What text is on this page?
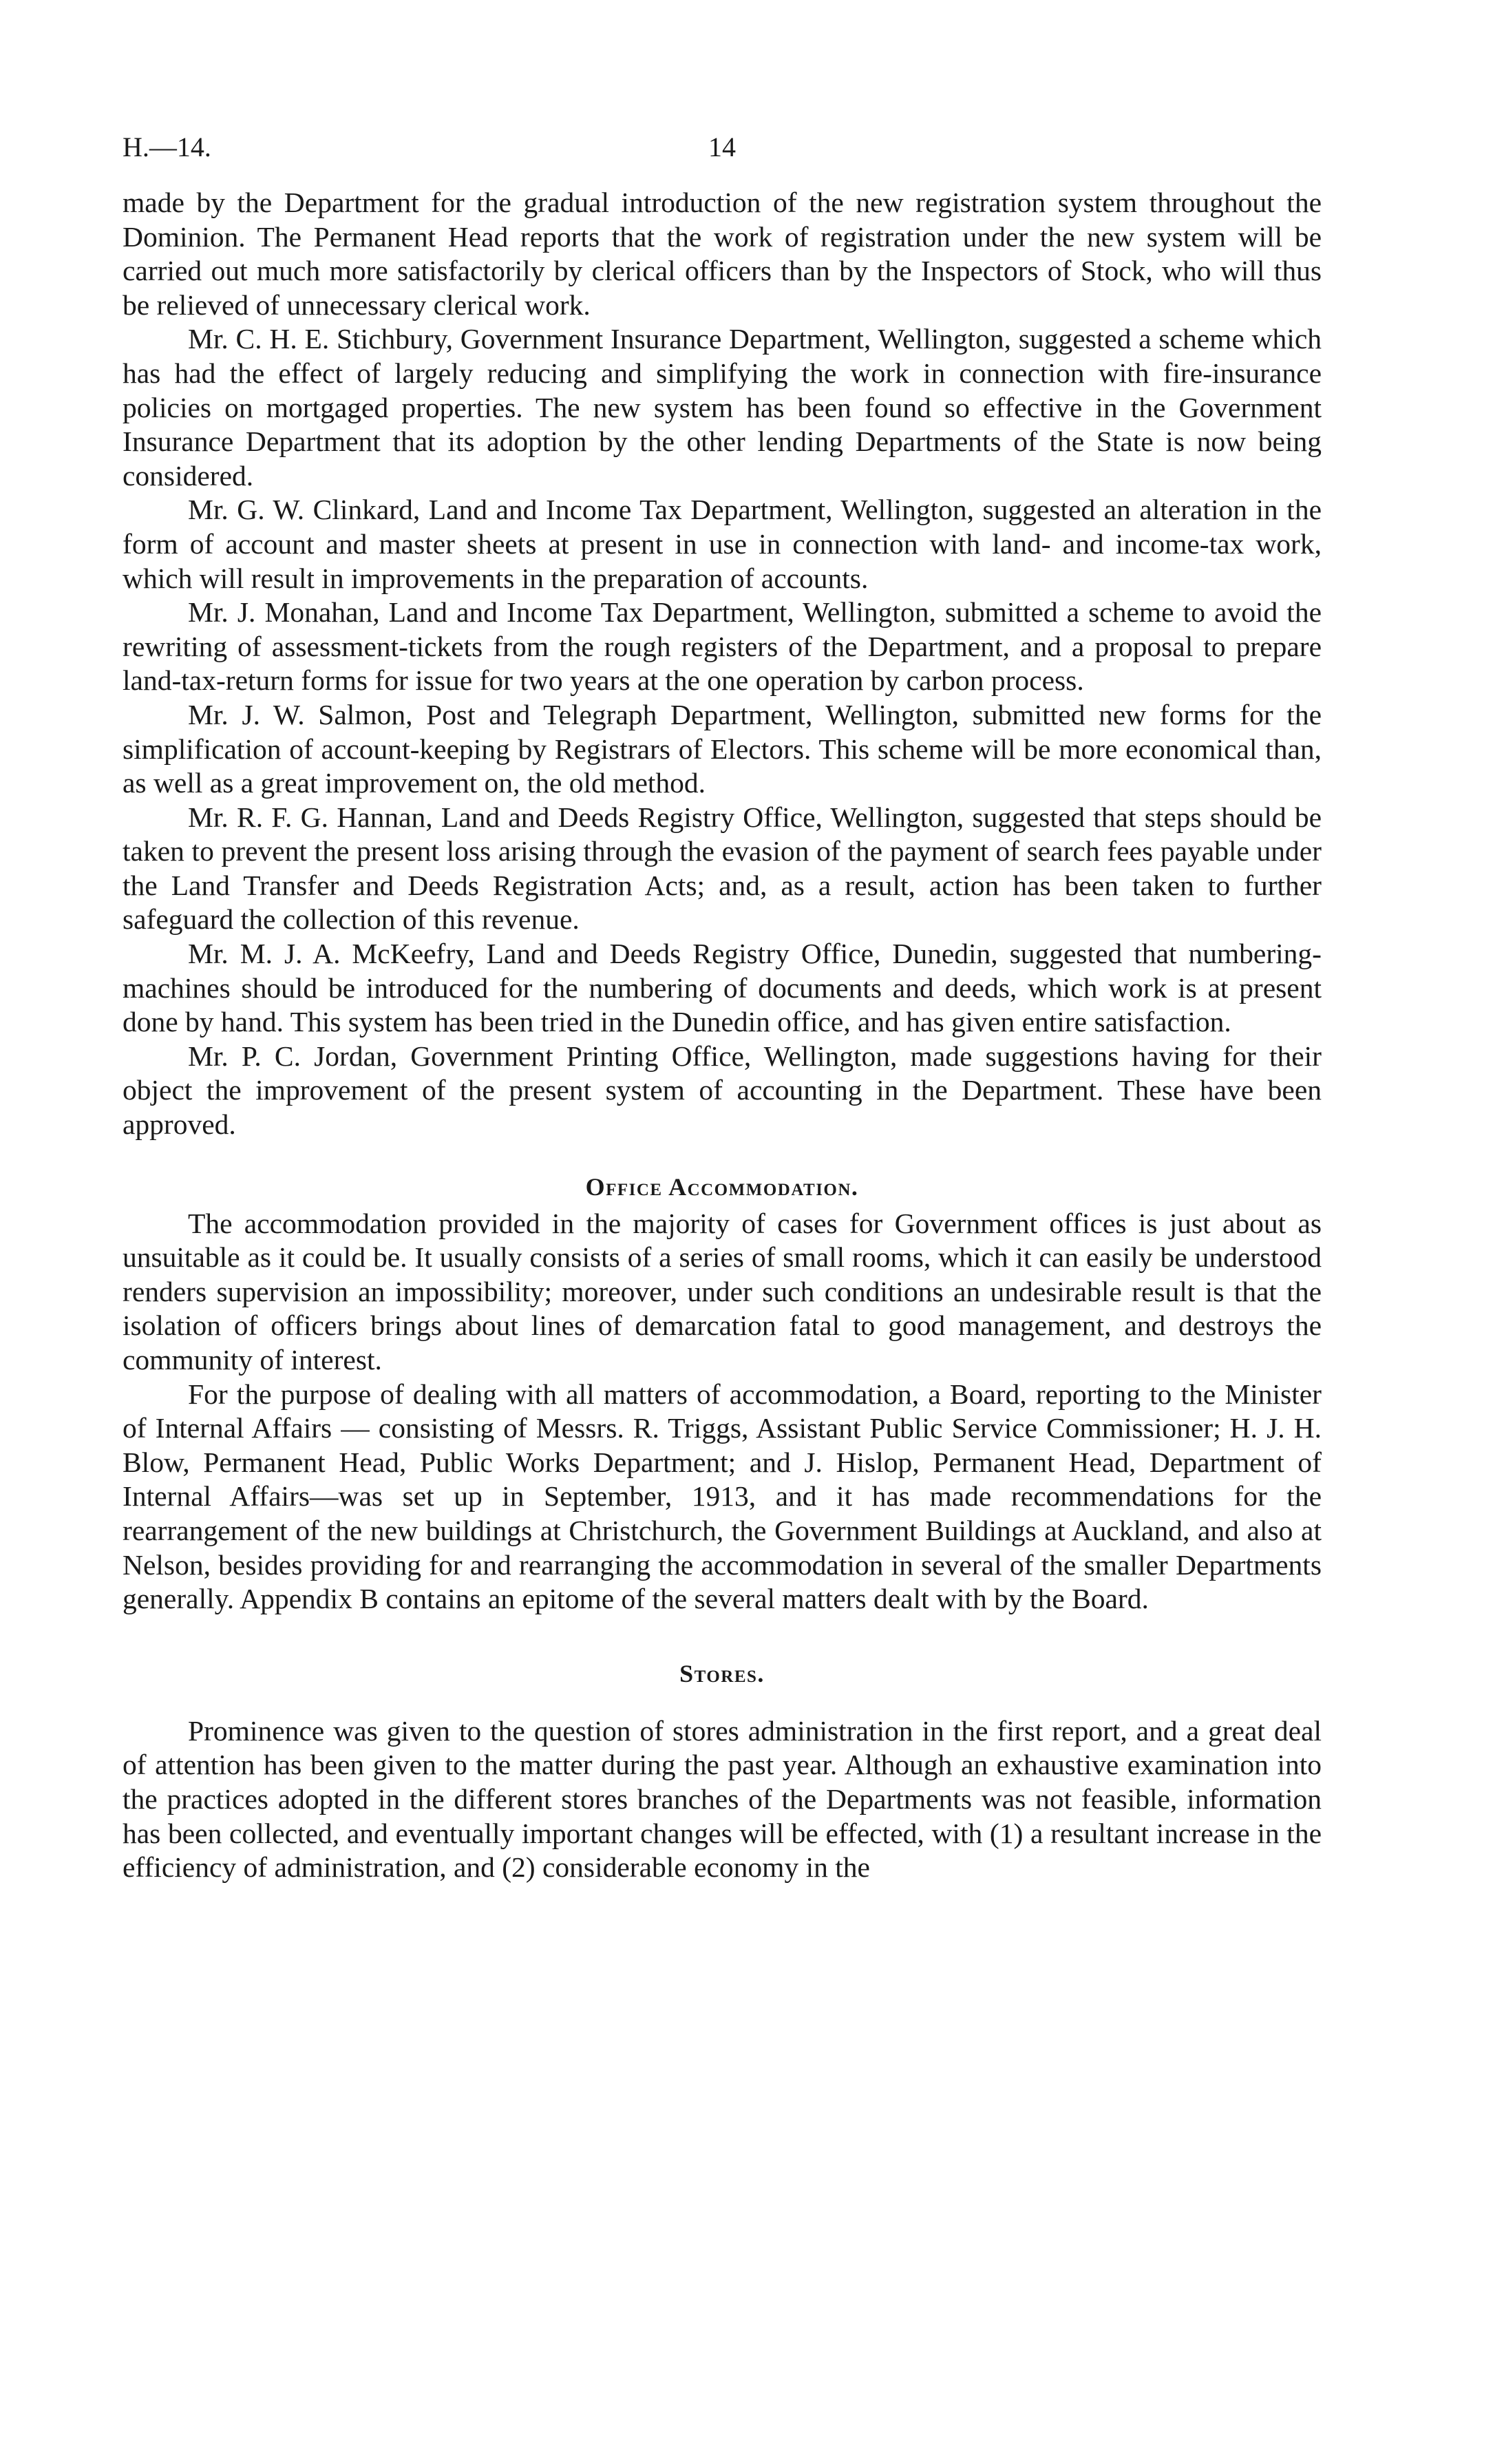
H.—14.	14

made by the Department for the gradual introduction of the new registration system throughout the Dominion. The Permanent Head reports that the work of registration under the new system will be carried out much more satisfactorily by clerical officers than by the Inspectors of Stock, who will thus be relieved of unnecessary clerical work.

Mr. C. H. E. Stichbury, Government Insurance Department, Wellington, suggested a scheme which has had the effect of largely reducing and simplifying the work in connection with fire-insurance policies on mortgaged properties. The new system has been found so effective in the Government Insurance Department that its adoption by the other lending Departments of the State is now being considered.

Mr. G. W. Clinkard, Land and Income Tax Department, Wellington, suggested an alteration in the form of account and master sheets at present in use in connection with land- and income-tax work, which will result in improvements in the preparation of accounts.

Mr. J. Monahan, Land and Income Tax Department, Wellington, submitted a scheme to avoid the rewriting of assessment-tickets from the rough registers of the Department, and a proposal to prepare land-tax-return forms for issue for two years at the one operation by carbon process.

Mr. J. W. Salmon, Post and Telegraph Department, Wellington, submitted new forms for the simplification of account-keeping by Registrars of Electors. This scheme will be more economical than, as well as a great improvement on, the old method.

Mr. R. F. G. Hannan, Land and Deeds Registry Office, Wellington, suggested that steps should be taken to prevent the present loss arising through the evasion of the payment of search fees payable under the Land Transfer and Deeds Registration Acts; and, as a result, action has been taken to further safeguard the collection of this revenue.

Mr. M. J. A. McKeefry, Land and Deeds Registry Office, Dunedin, suggested that numbering-machines should be introduced for the numbering of documents and deeds, which work is at present done by hand. This system has been tried in the Dunedin office, and has given entire satisfaction.

Mr. P. C. Jordan, Government Printing Office, Wellington, made suggestions having for their object the improvement of the present system of accounting in the Department. These have been approved.

Office Accommodation.

The accommodation provided in the majority of cases for Government offices is just about as unsuitable as it could be. It usually consists of a series of small rooms, which it can easily be understood renders supervision an impossibility; moreover, under such conditions an undesirable result is that the isolation of officers brings about lines of demarcation fatal to good management, and destroys the community of interest.

For the purpose of dealing with all matters of accommodation, a Board, reporting to the Minister of Internal Affairs — consisting of Messrs. R. Triggs, Assistant Public Service Commissioner; H. J. H. Blow, Permanent Head, Public Works Department; and J. Hislop, Permanent Head, Department of Internal Affairs—was set up in September, 1913, and it has made recommendations for the rearrangement of the new buildings at Christchurch, the Government Buildings at Auckland, and also at Nelson, besides providing for and rearranging the accommodation in several of the smaller Departments generally. Appendix B contains an epitome of the several matters dealt with by the Board.

Stores.

Prominence was given to the question of stores administration in the first report, and a great deal of attention has been given to the matter during the past year. Although an exhaustive examination into the practices adopted in the different stores branches of the Departments was not feasible, information has been collected, and eventually important changes will be effected, with (1) a resultant increase in the efficiency of administration, and (2) considerable economy in the
